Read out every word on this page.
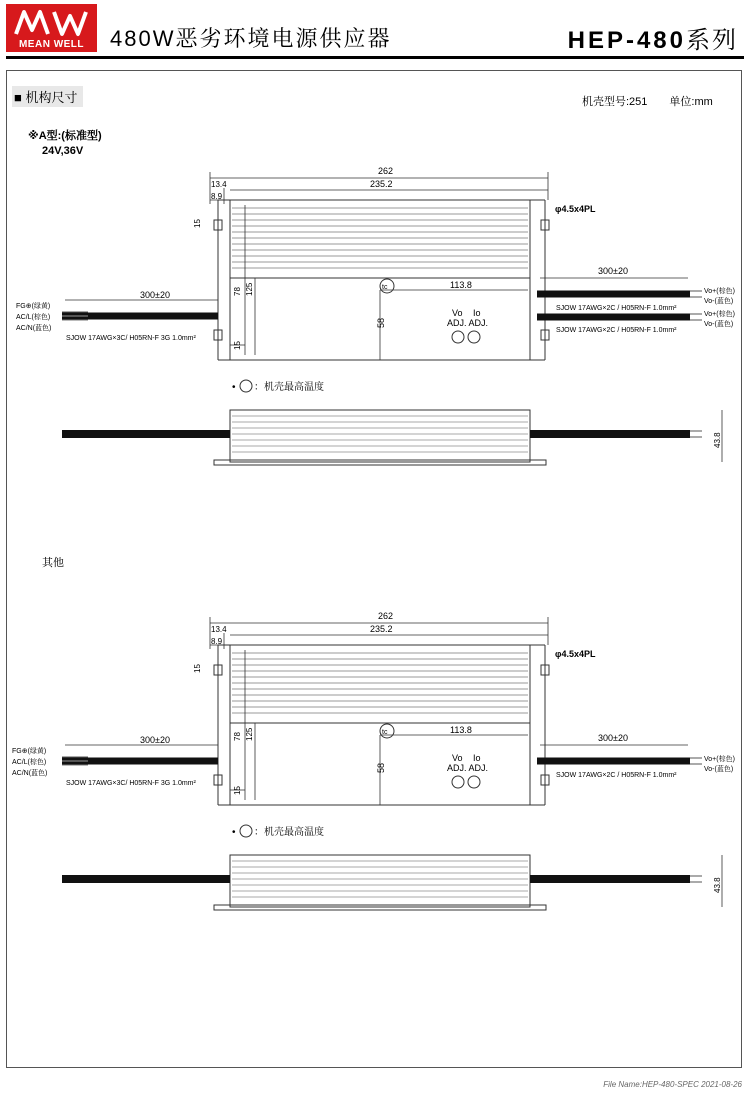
MEAN WELL	480W恶劣环境电源供应器	HEP-480系列
■ 机构尺寸	机壳型号:251 单位:mm
※A型:(标准型)
24V,36V
其他
262
235.2
13.4
8.9
15
78 125
15
58
113.8
φ4.5x4PL
tc
Vo Io
ADJ. ADJ.
300±20
FG⊕(绿黄)
AC/L(棕色)
AC/N(蓝色)
SJOW 17AWG×3C/ H05RN-F 3G 1.0mm²
300±20
SJOW 17AWG×2C / H05RN-F 1.0mm²
SJOW 17AWG×2C / H05RN-F 1.0mm²
Vo+(棕色)
Vo-(蓝色)
Vo+(棕色)
Vo-(蓝色)
• ：机壳最高温度
43.8
262
235.2
13.4
8.9
15
78 125
15
58
113.8
φ4.5x4PL
tc
Vo Io
ADJ. ADJ.
300±20
FG⊕(绿黄)
AC/L(棕色)
AC/N(蓝色)
SJOW 17AWG×3C/ H05RN-F 3G 1.0mm²
300±20
SJOW 17AWG×2C / H05RN-F 1.0mm²
Vo+(棕色)
Vo-(蓝色)
• ：机壳最高温度
43.8
File Name:HEP-480-SPEC 2021-08-26
